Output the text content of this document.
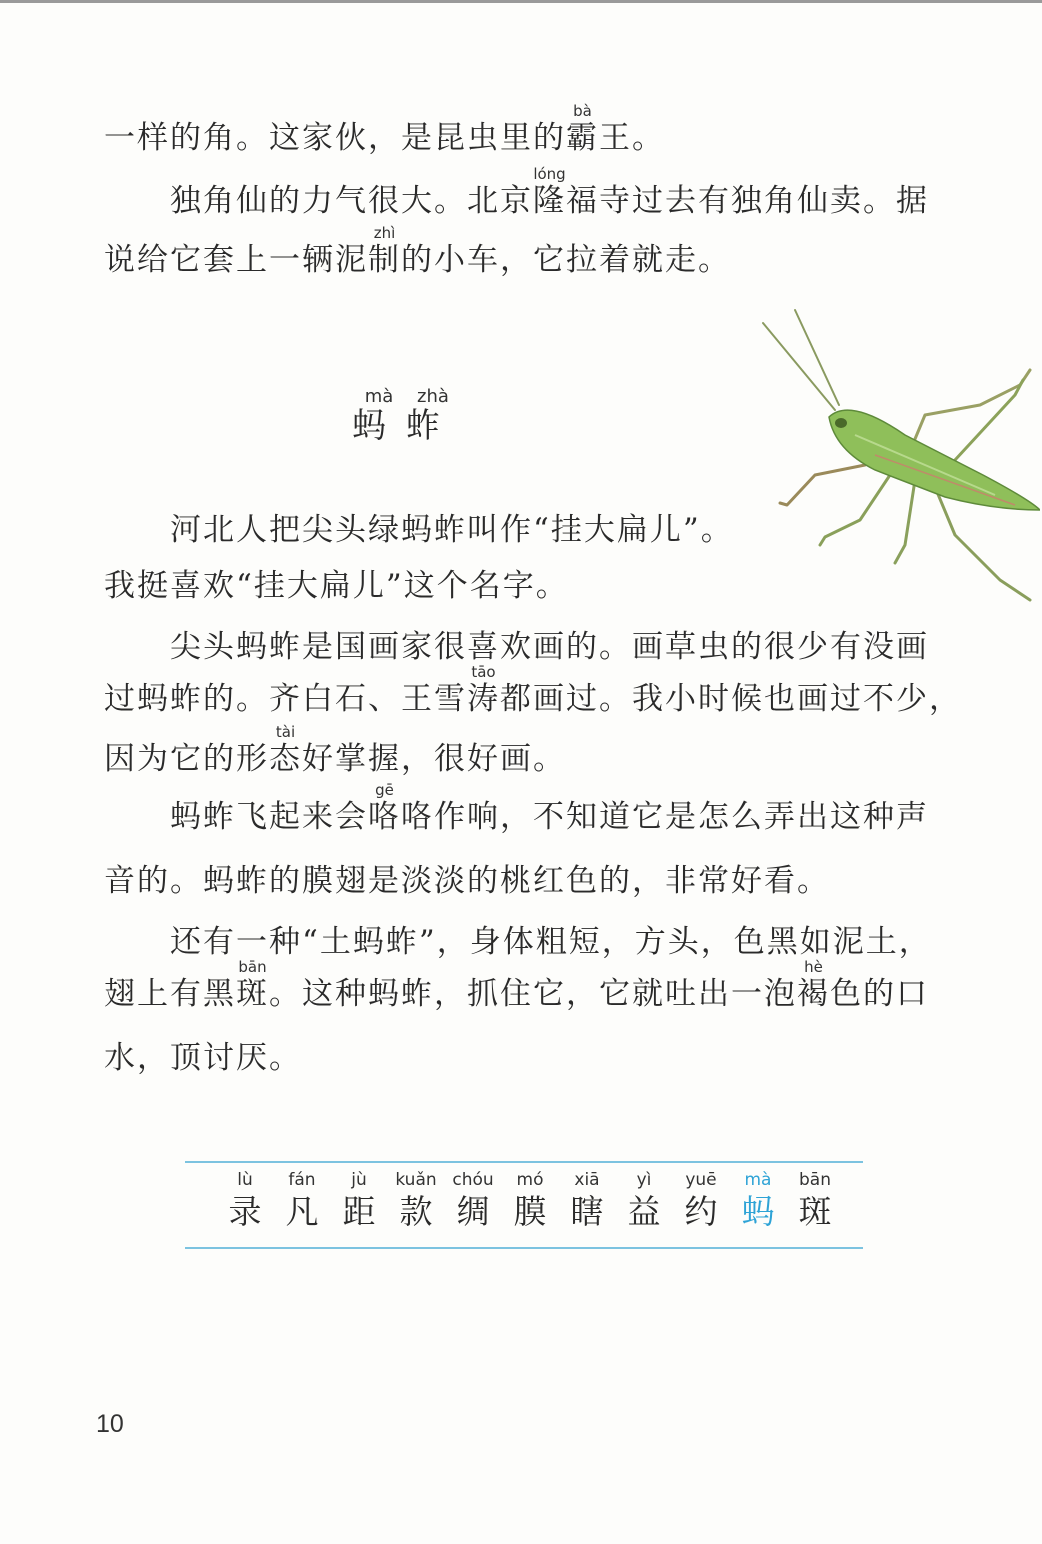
一样的角。这家伙，是昆虫里的霸bà王。

独角仙的力气很大。北京隆lóng福寺过去有独角仙卖。据

说给它套上一辆泥制zhì的小车，它拉着就走。

蚂mà蚱zhà

河北人把尖头绿蚂蚱叫作“挂大扁儿”。

我挺喜欢“挂大扁儿”这个名字。

尖头蚂蚱是国画家很喜欢画的。画草虫的很少有没画

过蚂蚱的。齐白石、王雪涛tāo都画过。我小时候也画过不少，

因为它的形态tài好掌握，很好画。

蚂蚱飞起来会咯gē咯作响，不知道它是怎么弄出这种声

音的。蚂蚱的膜翅是淡淡的桃红色的，非常好看。

还有一种“土蚂蚱”，身体粗短，方头，色黑如泥土，

翅上有黑斑bān。这种蚂蚱，抓住它，它就吐出一泡褐hè色的口

水，顶讨厌。

lù
录
fán
凡
jù
距
kuǎn
款
chóu
绸
mó
膜
xiā
瞎
yì
益
yuē
约
mà
蚂
bān
斑
10
